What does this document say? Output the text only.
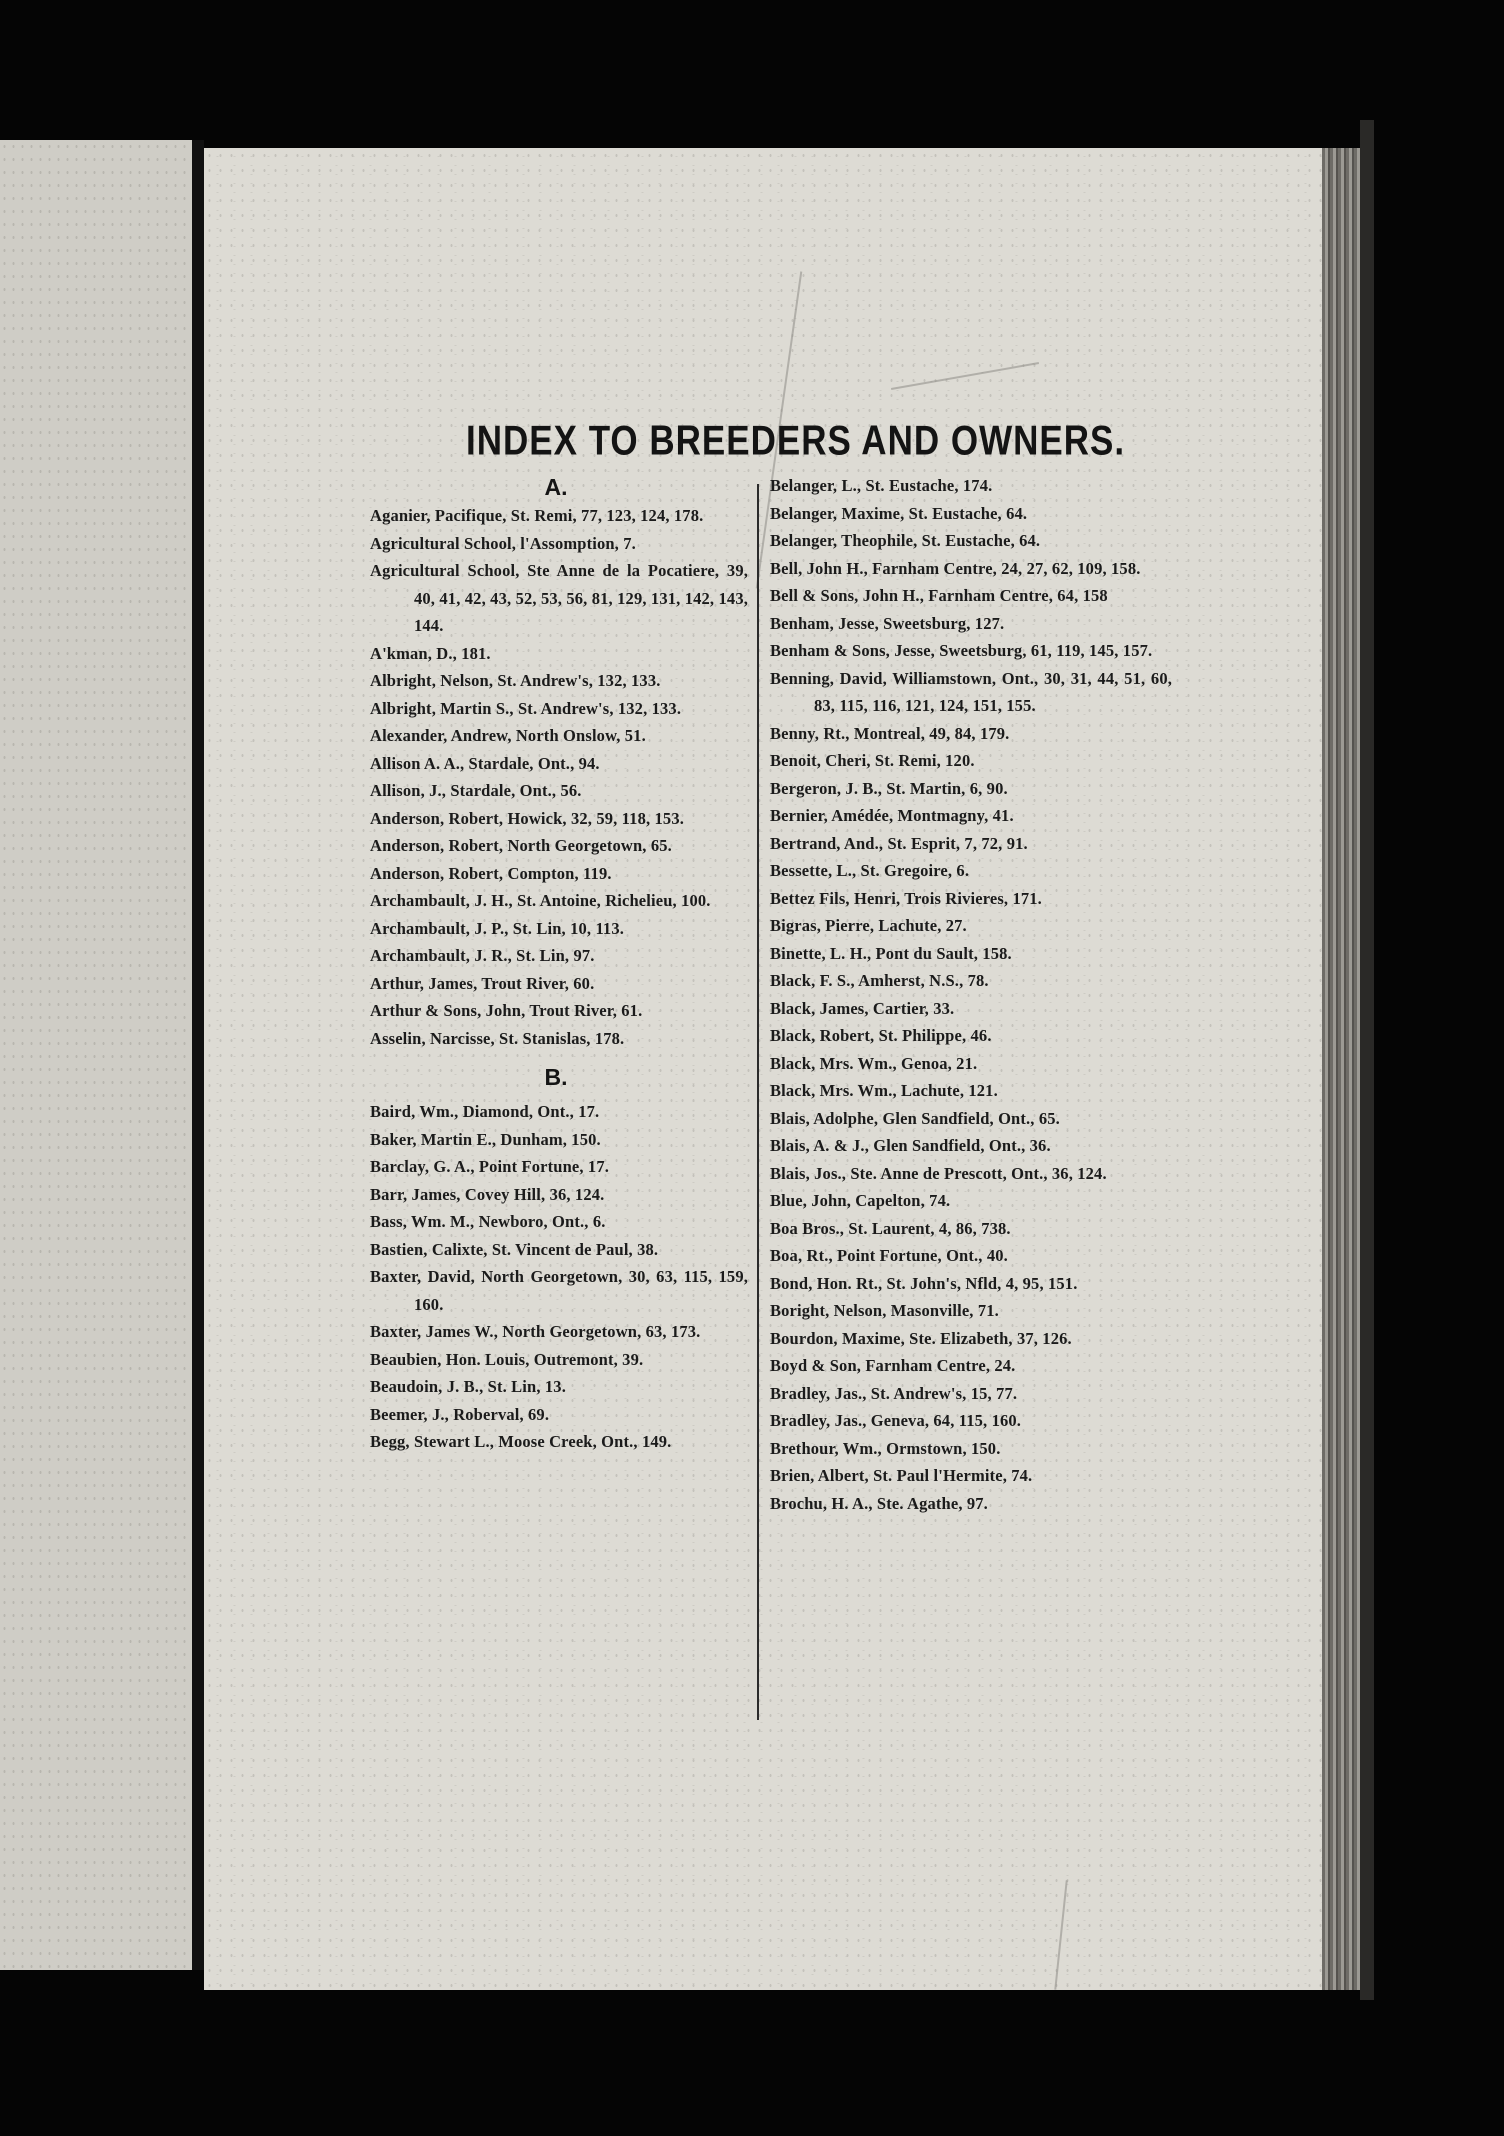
INDEX TO BREEDERS AND OWNERS.
A.
Aganier, Pacifique, St. Remi, 77, 123, 124, 178.
Agricultural School, l'Assomption, 7.
Agricultural School, Ste Anne de la Pocatiere, 39, 40, 41, 42, 43, 52, 53, 56, 81, 129, 131, 142, 143, 144.
A'kman, D., 181.
Albright, Nelson, St. Andrew's, 132, 133.
Albright, Martin S., St. Andrew's, 132, 133.
Alexander, Andrew, North Onslow, 51.
Allison A. A., Stardale, Ont., 94.
Allison, J., Stardale, Ont., 56.
Anderson, Robert, Howick, 32, 59, 118, 153.
Anderson, Robert, North Georgetown, 65.
Anderson, Robert, Compton, 119.
Archambault, J. H., St. Antoine, Richelieu, 100.
Archambault, J. P., St. Lin, 10, 113.
Archambault, J. R., St. Lin, 97.
Arthur, James, Trout River, 60.
Arthur & Sons, John, Trout River, 61.
Asselin, Narcisse, St. Stanislas, 178.
B.
Baird, Wm., Diamond, Ont., 17.
Baker, Martin E., Dunham, 150.
Barclay, G. A., Point Fortune, 17.
Barr, James, Covey Hill, 36, 124.
Bass, Wm. M., Newboro, Ont., 6.
Bastien, Calixte, St. Vincent de Paul, 38.
Baxter, David, North Georgetown, 30, 63, 115, 159, 160.
Baxter, James W., North Georgetown, 63, 173.
Beaubien, Hon. Louis, Outremont, 39.
Beaudoin, J. B., St. Lin, 13.
Beemer, J., Roberval, 69.
Begg, Stewart L., Moose Creek, Ont., 149.
Belanger, L., St. Eustache, 174.
Belanger, Maxime, St. Eustache, 64.
Belanger, Theophile, St. Eustache, 64.
Bell, John H., Farnham Centre, 24, 27, 62, 109, 158.
Bell & Sons, John H., Farnham Centre, 64, 158
Benham, Jesse, Sweetsburg, 127.
Benham & Sons, Jesse, Sweetsburg, 61, 119, 145, 157.
Benning, David, Williamstown, Ont., 30, 31, 44, 51, 60, 83, 115, 116, 121, 124, 151, 155.
Benny, Rt., Montreal, 49, 84, 179.
Benoit, Cheri, St. Remi, 120.
Bergeron, J. B., St. Martin, 6, 90.
Bernier, Amédée, Montmagny, 41.
Bertrand, And., St. Esprit, 7, 72, 91.
Bessette, L., St. Gregoire, 6.
Bettez Fils, Henri, Trois Rivieres, 171.
Bigras, Pierre, Lachute, 27.
Binette, L. H., Pont du Sault, 158.
Black, F. S., Amherst, N.S., 78.
Black, James, Cartier, 33.
Black, Robert, St. Philippe, 46.
Black, Mrs. Wm., Genoa, 21.
Black, Mrs. Wm., Lachute, 121.
Blais, Adolphe, Glen Sandfield, Ont., 65.
Blais, A. & J., Glen Sandfield, Ont., 36.
Blais, Jos., Ste. Anne de Prescott, Ont., 36, 124.
Blue, John, Capelton, 74.
Boa Bros., St. Laurent, 4, 86, 738.
Boa, Rt., Point Fortune, Ont., 40.
Bond, Hon. Rt., St. John's, Nfld, 4, 95, 151.
Boright, Nelson, Masonville, 71.
Bourdon, Maxime, Ste. Elizabeth, 37, 126.
Boyd & Son, Farnham Centre, 24.
Bradley, Jas., St. Andrew's, 15, 77.
Bradley, Jas., Geneva, 64, 115, 160.
Brethour, Wm., Ormstown, 150.
Brien, Albert, St. Paul l'Hermite, 74.
Brochu, H. A., Ste. Agathe, 97.
